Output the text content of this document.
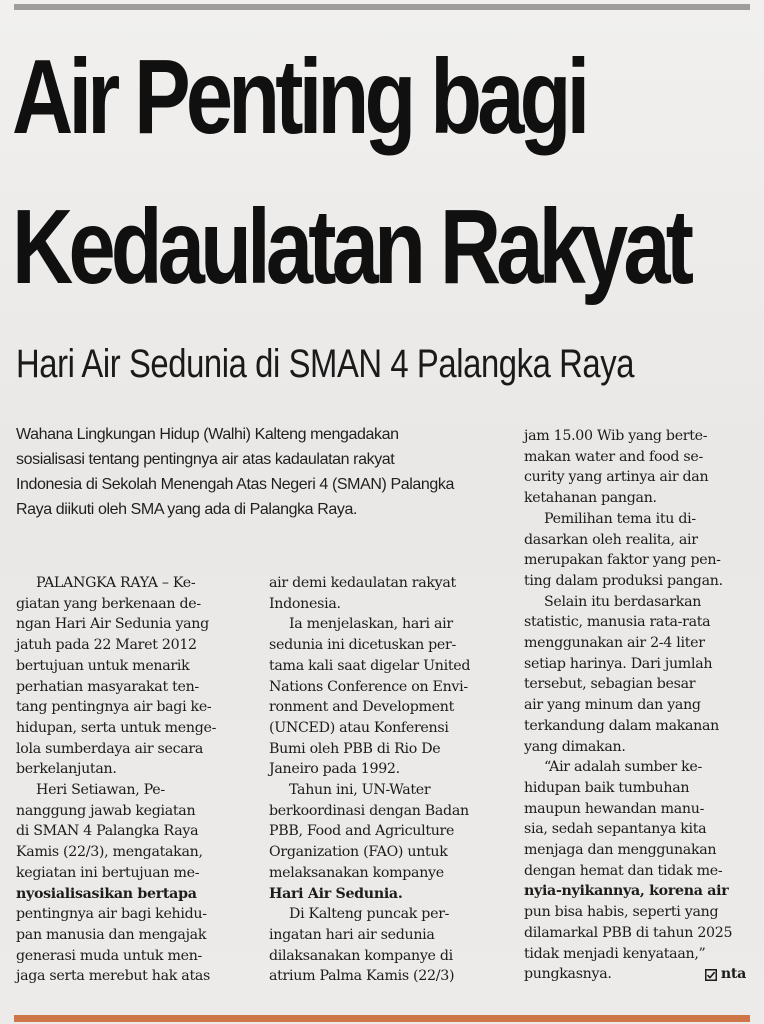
Air Penting bagi
Kedaulatan Rakyat
Hari Air Sedunia di SMAN 4 Palangka Raya
Wahana Lingkungan Hidup (Walhi) Kalteng mengadakan
sosialisasi tentang pentingnya air atas kadaulatan rakyat
Indonesia di Sekolah Menengah Atas Negeri 4 (SMAN) Palangka
Raya diikuti oleh SMA yang ada di Palangka Raya.
PALANGKA RAYA – Ke-
giatan yang berkenaan de-
ngan Hari Air Sedunia yang
jatuh pada 22 Maret 2012
bertujuan untuk menarik
perhatian masyarakat ten-
tang pentingnya air bagi ke-
hidupan, serta untuk menge-
lola sumberdaya air secara
berkelanjutan.
Heri Setiawan, Pe-
nanggung jawab kegiatan
di SMAN 4 Palangka Raya
Kamis (22/3), mengatakan,
kegiatan ini bertujuan me-
nyosialisasikan bertapa
pentingnya air bagi kehidu-
pan manusia dan mengajak
generasi muda untuk men-
jaga serta merebut hak atas
air demi kedaulatan rakyat
Indonesia.
Ia menjelaskan, hari air
sedunia ini dicetuskan per-
tama kali saat digelar United
Nations Conference on Envi-
ronment and Development
(UNCED) atau Konferensi
Bumi oleh PBB di Rio De
Janeiro pada 1992.
Tahun ini, UN-Water
berkoordinasi dengan Badan
PBB, Food and Agriculture
Organization (FAO) untuk
melaksanakan kompanye
Hari Air Sedunia.
Di Kalteng puncak per-
ingatan hari air sedunia
dilaksanakan kompanye di
atrium Palma Kamis (22/3)
jam 15.00 Wib yang berte-
makan water and food se-
curity yang artinya air dan
ketahanan pangan.
Pemilihan tema itu di-
dasarkan oleh realita, air
merupakan faktor yang pen-
ting dalam produksi pangan.
Selain itu berdasarkan
statistic, manusia rata-rata
menggunakan air 2-4 liter
setiap harinya. Dari jumlah
tersebut, sebagian besar
air yang minum dan yang
terkandung dalam makanan
yang dimakan.
“Air adalah sumber ke-
hidupan baik tumbuhan
maupun hewandan manu-
sia, sedah sepantanya kita
menjaga dan menggunakan
dengan hemat dan tidak me-
nyia-nyikannya, korena air
pun bisa habis, seperti yang
dilamarkal PBB di tahun 2025
tidak menjadi kenyataan,”
pungkasnya.	nta
